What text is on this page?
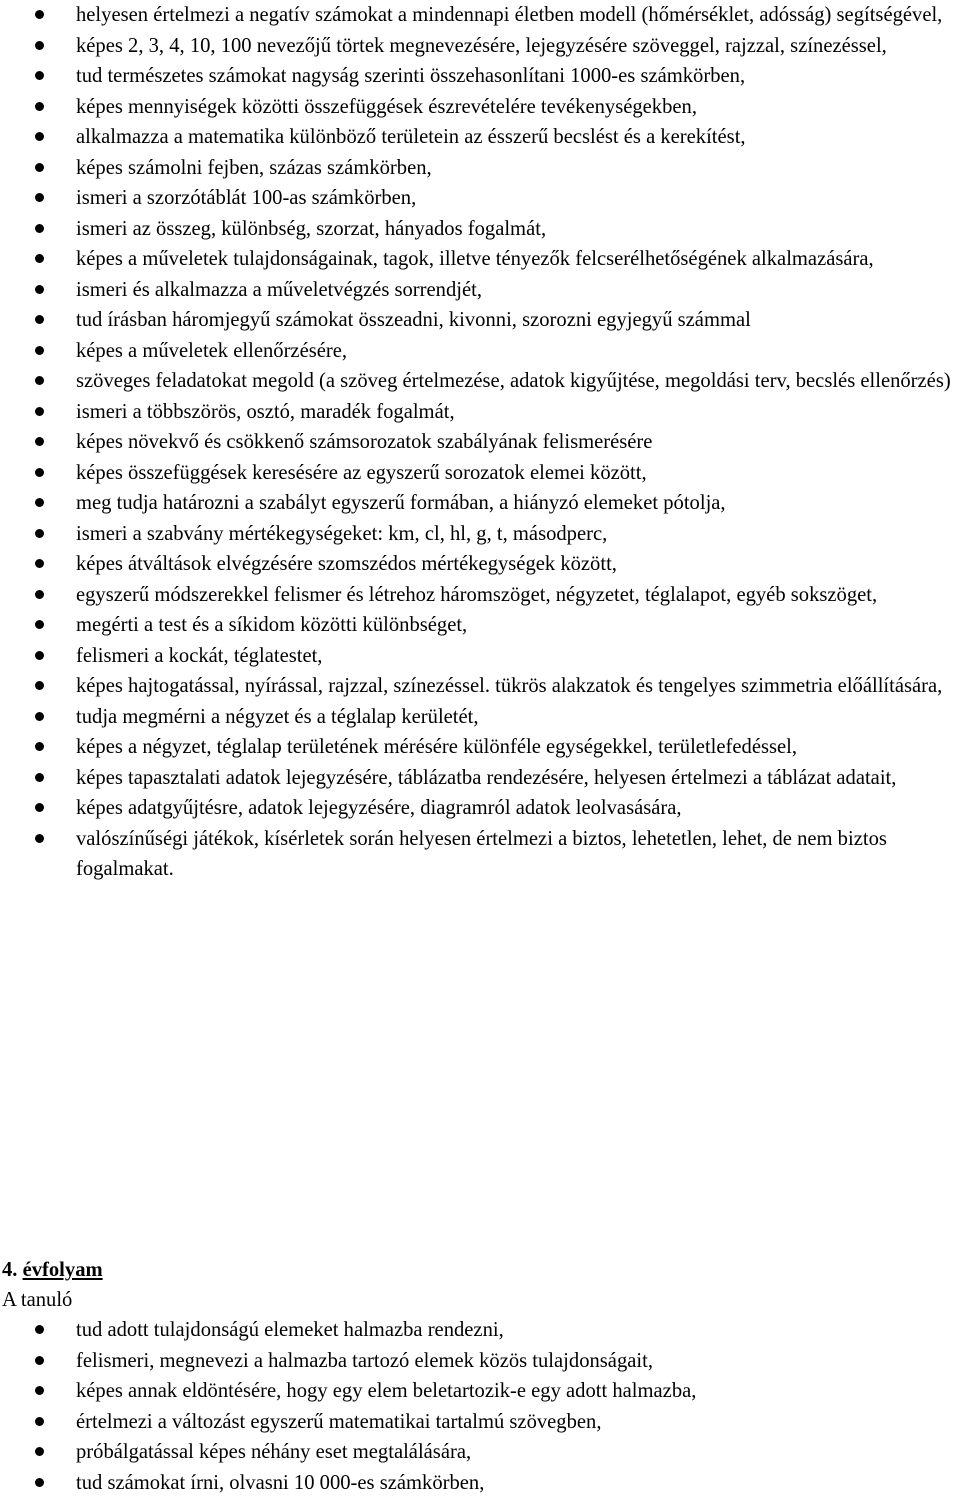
helyesen értelmezi a negatív számokat a mindennapi életben modell (hőmérséklet, adósság) segítségével,
képes 2, 3, 4, 10, 100 nevezőjű törtek megnevezésére, lejegyzésére szöveggel, rajzzal, színezéssel,
tud természetes számokat nagyság szerinti összehasonlítani 1000-es számkörben,
képes mennyiségek közötti összefüggések észrevételére tevékenységekben,
alkalmazza a matematika különböző területein az ésszerű becslést és a kerekítést,
képes számolni fejben, százas számkörben,
ismeri a szorzótáblát 100-as számkörben,
ismeri az összeg, különbség, szorzat, hányados fogalmát,
képes a műveletek tulajdonságainak, tagok, illetve tényezők felcserélhetőségének alkalmazására,
ismeri és alkalmazza a műveletvégzés sorrendjét,
tud írásban háromjegyű számokat összeadni, kivonni, szorozni egyjegyű számmal
képes a műveletek ellenőrzésére,
szöveges feladatokat megold (a szöveg értelmezése, adatok kigyűjtése, megoldási terv, becslés ellenőrzés)
ismeri a többszörös, osztó, maradék fogalmát,
képes növekvő és csökkenő számsorozatok szabályának felismerésére
képes összefüggések keresésére az egyszerű sorozatok elemei között,
meg tudja határozni a szabályt egyszerű formában, a hiányzó elemeket pótolja,
ismeri a szabvány mértékegységeket: km, cl, hl, g, t, másodperc,
képes átváltások elvégzésére szomszédos mértékegységek között,
egyszerű módszerekkel felismer és létrehoz háromszöget, négyzetet, téglalapot, egyéb sokszöget,
megérti a test és a síkidom közötti különbséget,
felismeri a kockát, téglatestet,
képes hajtogatással, nyírással, rajzzal, színezéssel. tükrös alakzatok és tengelyes szimmetria előállítására,
tudja megmérni a négyzet és a téglalap kerületét,
képes a négyzet, téglalap területének mérésére különféle egységekkel, területlefedéssel,
képes tapasztalati adatok lejegyzésére, táblázatba rendezésére, helyesen értelmezi a táblázat adatait,
képes adatgyűjtésre, adatok lejegyzésére, diagramról adatok leolvasására,
valószínűségi játékok, kísérletek során helyesen értelmezi a biztos, lehetetlen, lehet, de nem biztos fogalmakat.
4. évfolyam
A tanuló
tud adott tulajdonságú elemeket halmazba rendezni,
felismeri, megnevezi a halmazba tartozó elemek közös tulajdonságait,
képes annak eldöntésére, hogy egy elem beletartozik-e egy adott halmazba,
értelmezi a változást egyszerű matematikai tartalmú szövegben,
próbálgatással képes néhány eset megtalálására,
tud számokat írni, olvasni 10 000-es számkörben,
